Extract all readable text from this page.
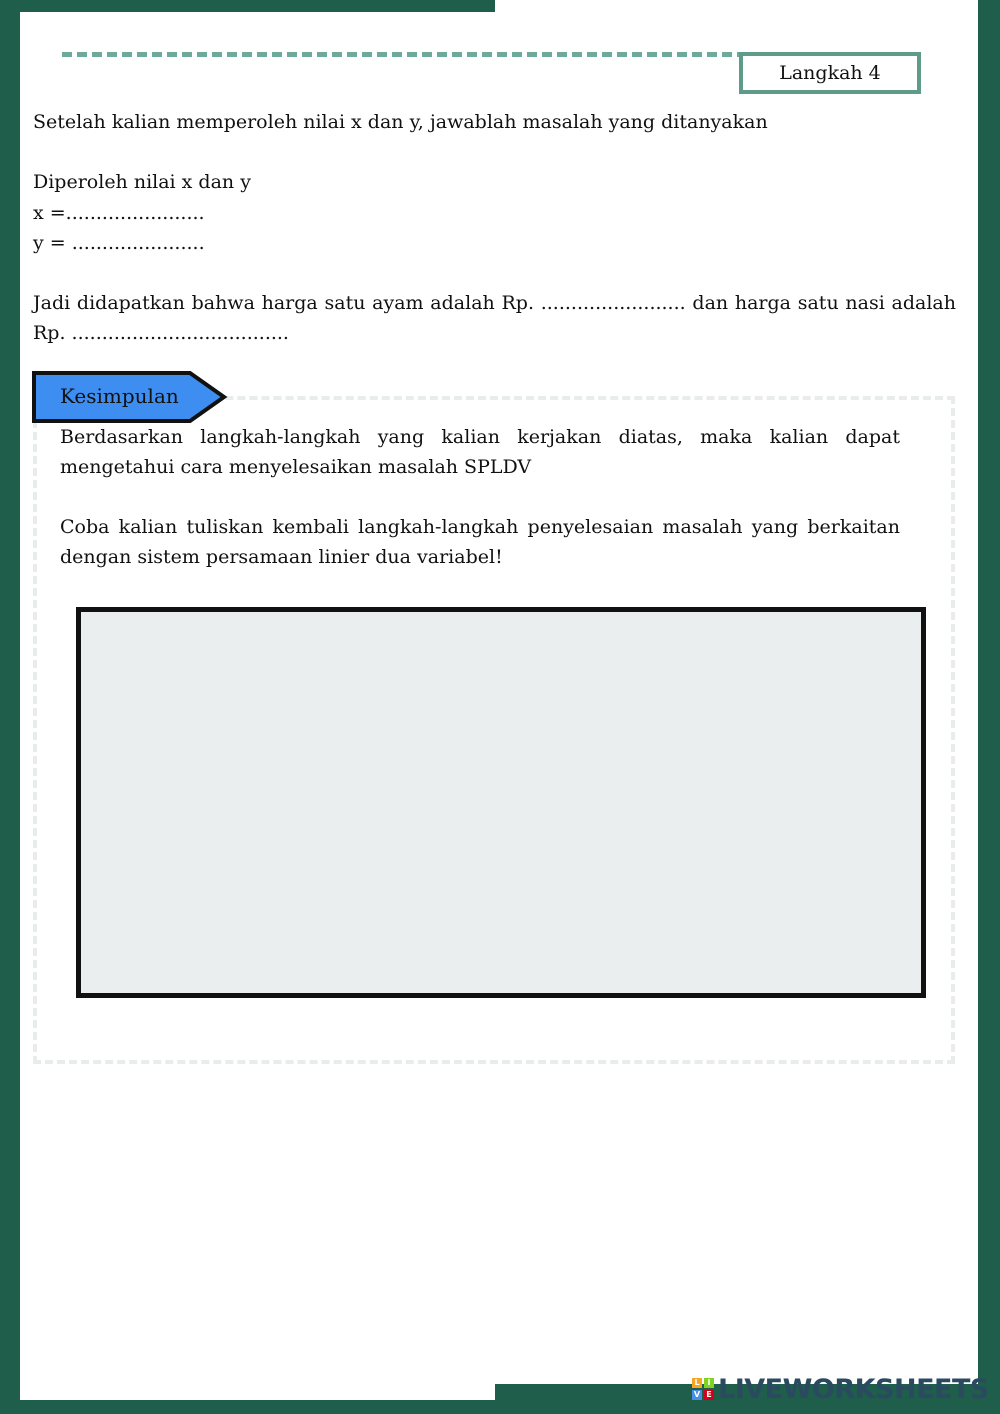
Langkah 4
Setelah kalian memperoleh nilai x dan y, jawablah masalah yang ditanyakan
Diperoleh nilai x dan y
x =.......................
y = ......................
Jadi didapatkan bahwa harga satu ayam adalah Rp. ........................ dan harga satu nasi adalah Rp. ....................................
Kesimpulan
Berdasarkan langkah-langkah yang kalian kerjakan diatas, maka kalian dapat mengetahui cara menyelesaikan masalah SPLDV
Coba kalian tuliskan kembali langkah-langkah penyelesaian masalah yang berkaitan dengan sistem persamaan linier dua variabel!
L I
V E LIVEWORKSHEETS
